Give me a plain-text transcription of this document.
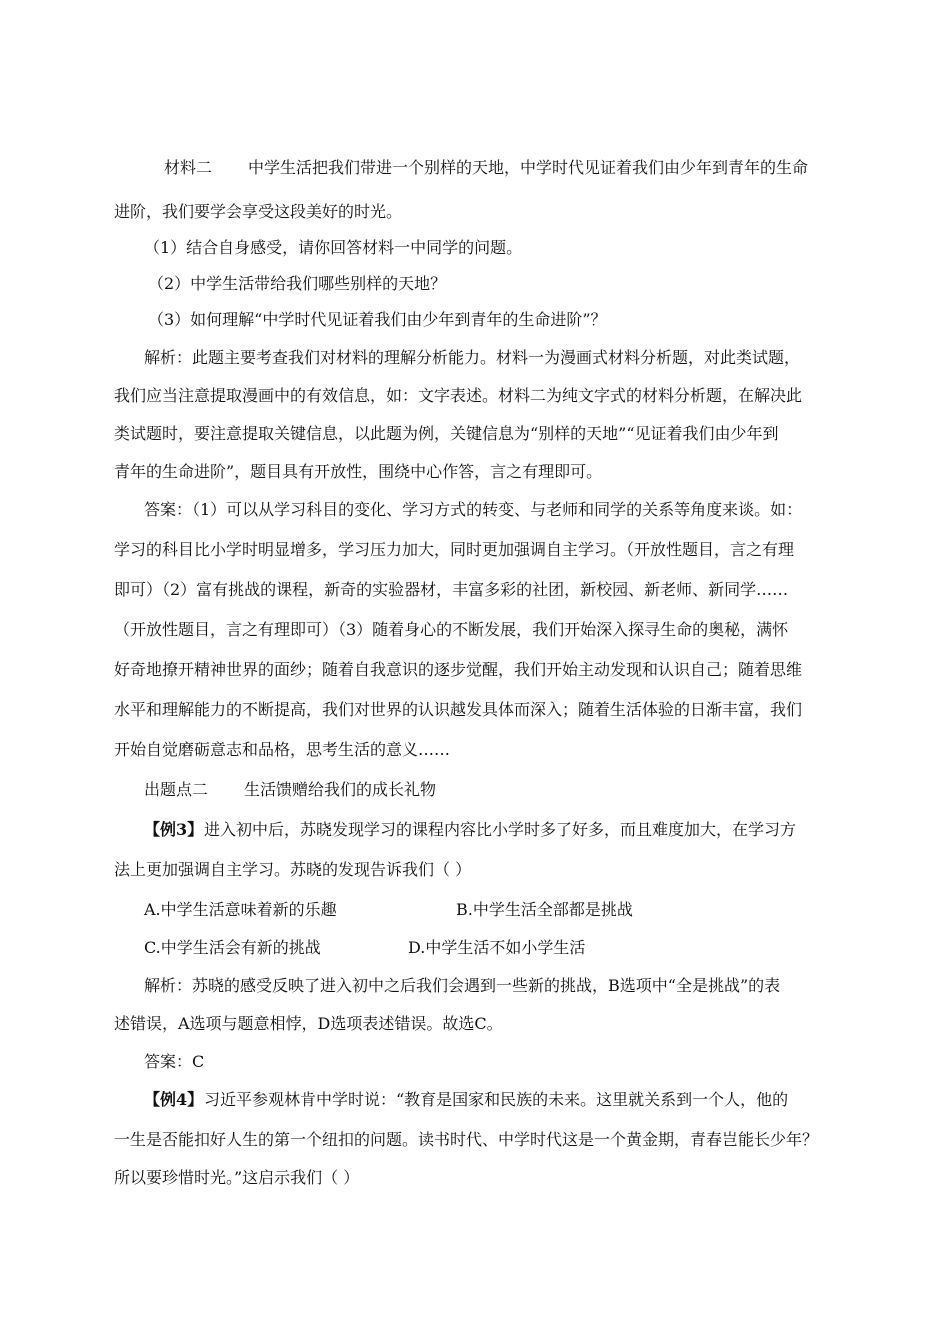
材料二 中学生活把我们带进一个别样的天地，中学时代见证着我们由少年到青年的生命
进阶，我们要学会享受这段美好的时光。
（1）结合自身感受，请你回答材料一中同学的问题。
（2）中学生活带给我们哪些别样的天地？
（3）如何理解“中学时代见证着我们由少年到青年的生命进阶”？
解析：此题主要考查我们对材料的理解分析能力。材料一为漫画式材料分析题，对此类试题，
我们应当注意提取漫画中的有效信息，如：文字表述。材料二为纯文字式的材料分析题，在解决此
类试题时，要注意提取关键信息，以此题为例，关键信息为“别样的天地”“见证着我们由少年到
青年的生命进阶”，题目具有开放性，围绕中心作答，言之有理即可。
答案：（1）可以从学习科目的变化、学习方式的转变、与老师和同学的关系等角度来谈。如：
学习的科目比小学时明显增多，学习压力加大，同时更加强调自主学习。（开放性题目，言之有理
即可）（2）富有挑战的课程，新奇的实验器材，丰富多彩的社团，新校园、新老师、新同学……
（开放性题目，言之有理即可）（3）随着身心的不断发展，我们开始深入探寻生命的奥秘，满怀
好奇地撩开精神世界的面纱；随着自我意识的逐步觉醒，我们开始主动发现和认识自己；随着思维
水平和理解能力的不断提高，我们对世界的认识越发具体而深入；随着生活体验的日渐丰富，我们
开始自觉磨砺意志和品格，思考生活的意义……
出题点二 生活馈赠给我们的成长礼物
【例3】 进入初中后，苏晓发现学习的课程内容比小学时多了好多，而且难度加大，在学习方
法上更加强调自主学习。苏晓的发现告诉我们（ ）
A.中学生活意味着新的乐趣	B.中学生活全部都是挑战
C.中学生活会有新的挑战	D.中学生活不如小学生活
解析：苏晓的感受反映了进入初中之后我们会遇到一些新的挑战，B选项中“全是挑战”的表
述错误，A选项与题意相悖，D选项表述错误。故选C。
答案：C
【例4】 习近平参观林肯中学时说：“教育是国家和民族的未来。这里就关系到一个人，他的
一生是否能扣好人生的第一个纽扣的问题。读书时代、中学时代这是一个黄金期，青春岂能长少年？
所以要珍惜时光。”这启示我们（ ）
